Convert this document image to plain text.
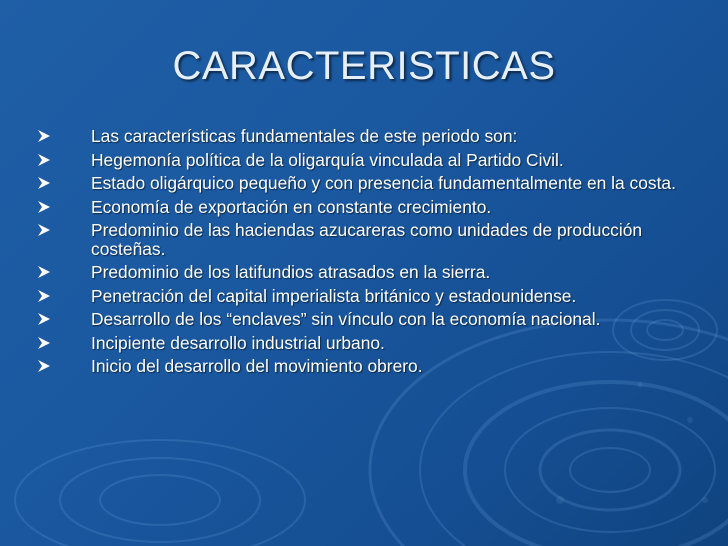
CARACTERISTICAS
Las características fundamentales de este periodo son:
Hegemonía política de la oligarquía vinculada al Partido Civil.
Estado oligárquico pequeño y con presencia fundamentalmente en la costa.
Economía de exportación en constante crecimiento.
Predominio de las haciendas azucareras como unidades de producción costeñas.
Predominio de los latifundios atrasados en la sierra.
Penetración del capital imperialista británico y estadounidense.
Desarrollo de los “enclaves” sin vínculo con la economía nacional.
Incipiente desarrollo industrial urbano.
Inicio del desarrollo del movimiento obrero.
